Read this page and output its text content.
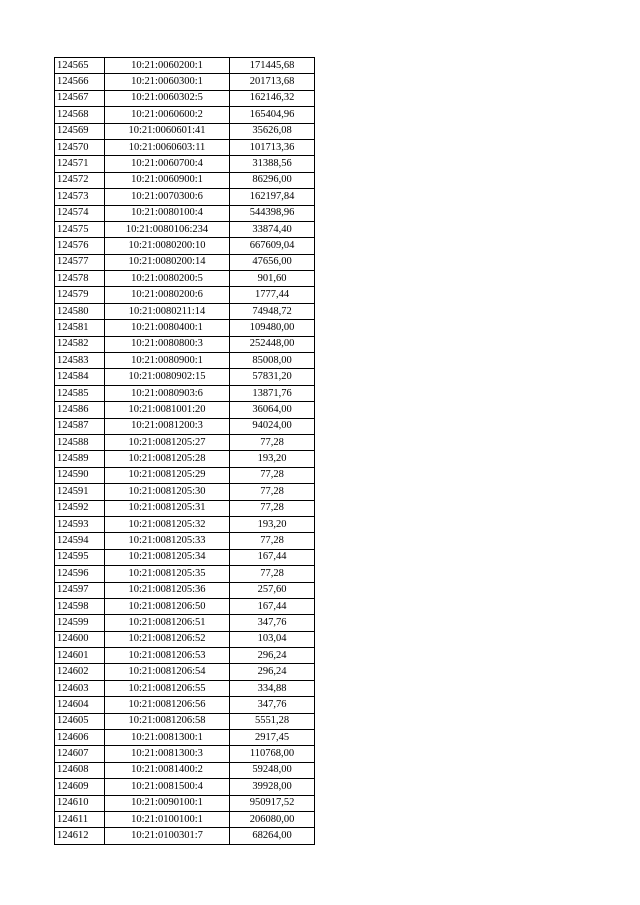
124565	10:21:0060200:1	171445,68
124566	10:21:0060300:1	201713,68
124567	10:21:0060302:5	162146,32
124568	10:21:0060600:2	165404,96
124569	10:21:0060601:41	35626,08
124570	10:21:0060603:11	101713,36
124571	10:21:0060700:4	31388,56
124572	10:21:0060900:1	86296,00
124573	10:21:0070300:6	162197,84
124574	10:21:0080100:4	544398,96
124575	10:21:0080106:234	33874,40
124576	10:21:0080200:10	667609,04
124577	10:21:0080200:14	47656,00
124578	10:21:0080200:5	901,60
124579	10:21:0080200:6	1777,44
124580	10:21:0080211:14	74948,72
124581	10:21:0080400:1	109480,00
124582	10:21:0080800:3	252448,00
124583	10:21:0080900:1	85008,00
124584	10:21:0080902:15	57831,20
124585	10:21:0080903:6	13871,76
124586	10:21:0081001:20	36064,00
124587	10:21:0081200:3	94024,00
124588	10:21:0081205:27	77,28
124589	10:21:0081205:28	193,20
124590	10:21:0081205:29	77,28
124591	10:21:0081205:30	77,28
124592	10:21:0081205:31	77,28
124593	10:21:0081205:32	193,20
124594	10:21:0081205:33	77,28
124595	10:21:0081205:34	167,44
124596	10:21:0081205:35	77,28
124597	10:21:0081205:36	257,60
124598	10:21:0081206:50	167,44
124599	10:21:0081206:51	347,76
124600	10:21:0081206:52	103,04
124601	10:21:0081206:53	296,24
124602	10:21:0081206:54	296,24
124603	10:21:0081206:55	334,88
124604	10:21:0081206:56	347,76
124605	10:21:0081206:58	5551,28
124606	10:21:0081300:1	2917,45
124607	10:21:0081300:3	110768,00
124608	10:21:0081400:2	59248,00
124609	10:21:0081500:4	39928,00
124610	10:21:0090100:1	950917,52
124611	10:21:0100100:1	206080,00
124612	10:21:0100301:7	68264,00
